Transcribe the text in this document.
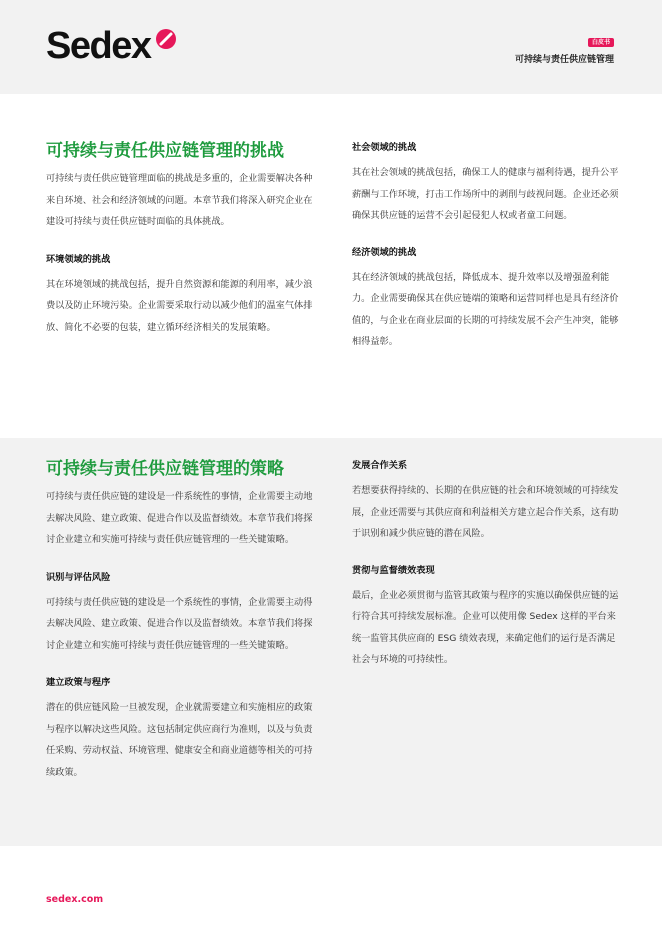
Sedex	白皮书
可持续与责任供应链管理
可持续与责任供应链管理的挑战

可持续与责任供应链管理面临的挑战是多重的，企业需要解决各种来自环境、社会和经济领域的问题。本章节我们将深入研究企业在建设可持续与责任供应链时面临的具体挑战。

环境领域的挑战

其在环境领域的挑战包括，提升自然资源和能源的利用率，减少浪费以及防止环境污染。企业需要采取行动以减少他们的温室气体排放、简化不必要的包装，建立循环经济相关的发展策略。

社会领域的挑战

其在社会领域的挑战包括，确保工人的健康与福利待遇，提升公平薪酬与工作环境，打击工作场所中的剥削与歧视问题。企业还必须确保其供应链的运营不会引起侵犯人权或者童工问题。

经济领域的挑战

其在经济领域的挑战包括，降低成本、提升效率以及增强盈利能力。企业需要确保其在供应链端的策略和运营同样也是具有经济价值的，与企业在商业层面的长期的可持续发展不会产生冲突，能够相得益彰。

可持续与责任供应链管理的策略

可持续与责任供应链的建设是一件系统性的事情，企业需要主动地去解决风险、建立政策、促进合作以及监督绩效。本章节我们将探讨企业建立和实施可持续与责任供应链管理的一些关键策略。

识别与评估风险

可持续与责任供应链的建设是一个系统性的事情，企业需要主动得去解决风险、建立政策、促进合作以及监督绩效。本章节我们将探讨企业建立和实施可持续与责任供应链管理的一些关键策略。

建立政策与程序

潜在的供应链风险一旦被发现，企业就需要建立和实施相应的政策与程序以解决这些风险。这包括制定供应商行为准则，以及与负责任采购、劳动权益、环境管理、健康安全和商业道德等相关的可持续政策。

发展合作关系

若想要获得持续的、长期的在供应链的社会和环境领域的可持续发展，企业还需要与其供应商和利益相关方建立起合作关系，这有助于识别和减少供应链的潜在风险。

贯彻与监督绩效表现

最后，企业必须贯彻与监管其政策与程序的实施以确保供应链的运行符合其可持续发展标准。企业可以使用像 Sedex 这样的平台来统一监管其供应商的 ESG 绩效表现，来确定他们的运行是否满足社会与环境的可持续性。

sedex.com
